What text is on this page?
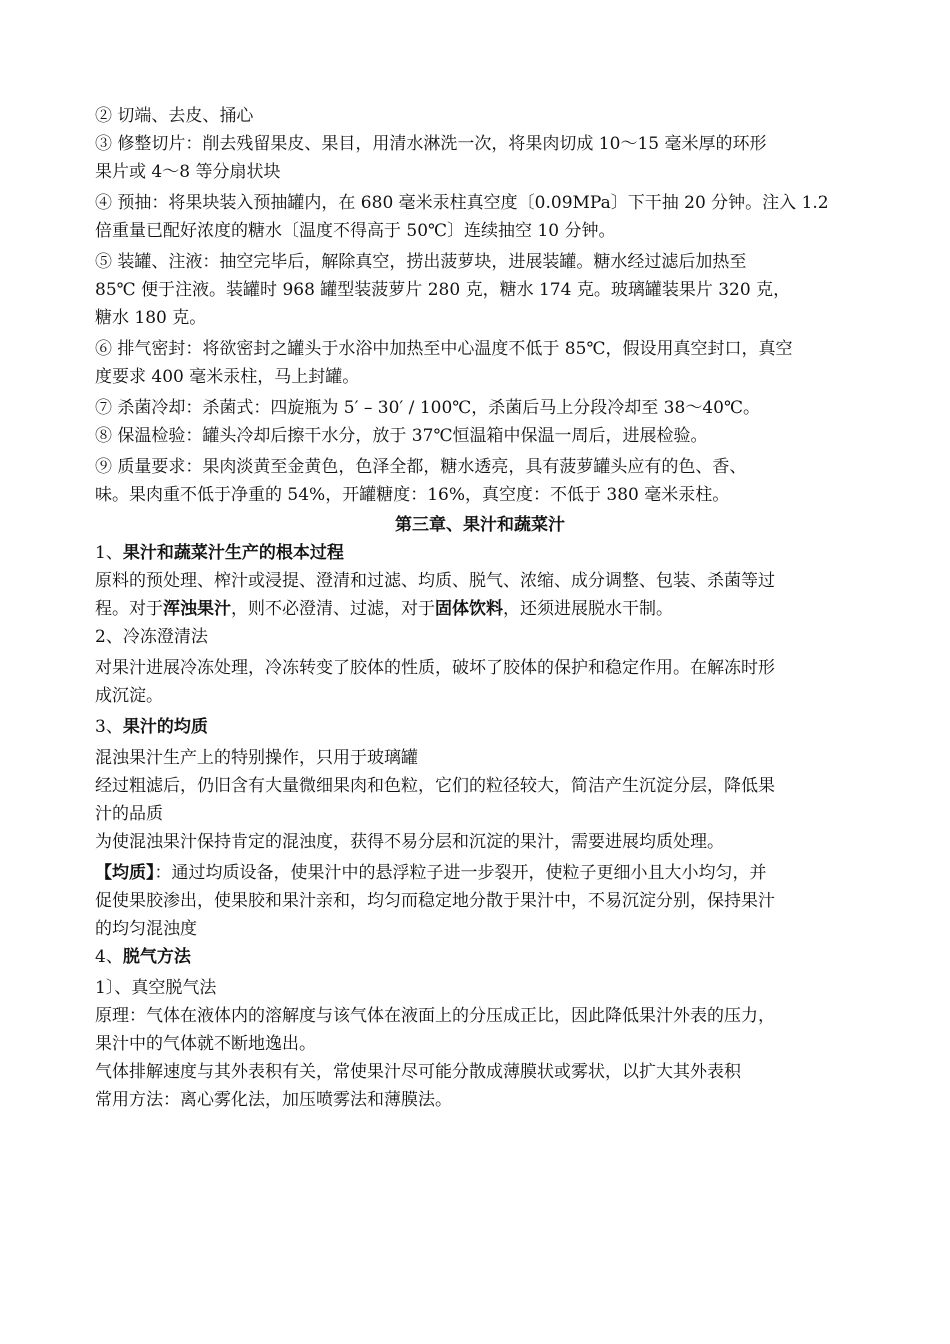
② 切端、去皮、捅心
③ 修整切片：削去残留果皮、果目，用清水淋洗一次，将果肉切成 10～15 毫米厚的环形
果片或 4～8 等分扇状块
④ 预抽：将果块装入预抽罐内，在 680 毫米汞柱真空度〔0.09MPa〕下干抽 20 分钟。注入 1.2
倍重量已配好浓度的糖水〔温度不得高于 50℃〕连续抽空 10 分钟。
⑤ 装罐、注液：抽空完毕后，解除真空，捞出菠萝块，进展装罐。糖水经过滤后加热至
85℃ 便于注液。装罐时 968 罐型装菠萝片 280 克，糖水 174 克。玻璃罐装果片 320 克，
糖水 180 克。
⑥ 排气密封：将欲密封之罐头于水浴中加热至中心温度不低于 85℃，假设用真空封口，真空
度要求 400 毫米汞柱，马上封罐。
⑦ 杀菌冷却：杀菌式：四旋瓶为 5′ – 30′ / 100℃，杀菌后马上分段冷却至 38～40℃。
⑧ 保温检验：罐头冷却后擦干水分，放于 37℃恒温箱中保温一周后，进展检验。
⑨ 质量要求：果肉淡黄至金黄色，色泽全都，糖水透亮，具有菠萝罐头应有的色、香、
味。果肉重不低于净重的 54%，开罐糖度：16%，真空度：不低于 380 毫米汞柱。
第三章、果汁和蔬菜汁
1、果汁和蔬菜汁生产的根本过程
原料的预处理、榨汁或浸提、澄清和过滤、均质、脱气、浓缩、成分调整、包装、杀菌等过
程。对于浑浊果汁，则不必澄清、过滤，对于固体饮料，还须进展脱水干制。
2、冷冻澄清法
对果汁进展冷冻处理，冷冻转变了胶体的性质，破坏了胶体的保护和稳定作用。在解冻时形
成沉淀。
3、果汁的均质
混浊果汁生产上的特别操作，只用于玻璃罐
经过粗滤后，仍旧含有大量微细果肉和色粒，它们的粒径较大，简洁产生沉淀分层，降低果
汁的品质
为使混浊果汁保持肯定的混浊度，获得不易分层和沉淀的果汁，需要进展均质处理。
【均质】：通过均质设备，使果汁中的悬浮粒子进一步裂开，使粒子更细小且大小均匀，并
促使果胶渗出，使果胶和果汁亲和，均匀而稳定地分散于果汁中，不易沉淀分别，保持果汁
的均匀混浊度
4、脱气方法
1〕、真空脱气法
原理：气体在液体内的溶解度与该气体在液面上的分压成正比，因此降低果汁外表的压力，
果汁中的气体就不断地逸出。
气体排解速度与其外表积有关，常使果汁尽可能分散成薄膜状或雾状，以扩大其外表积
常用方法：离心雾化法，加压喷雾法和薄膜法。
